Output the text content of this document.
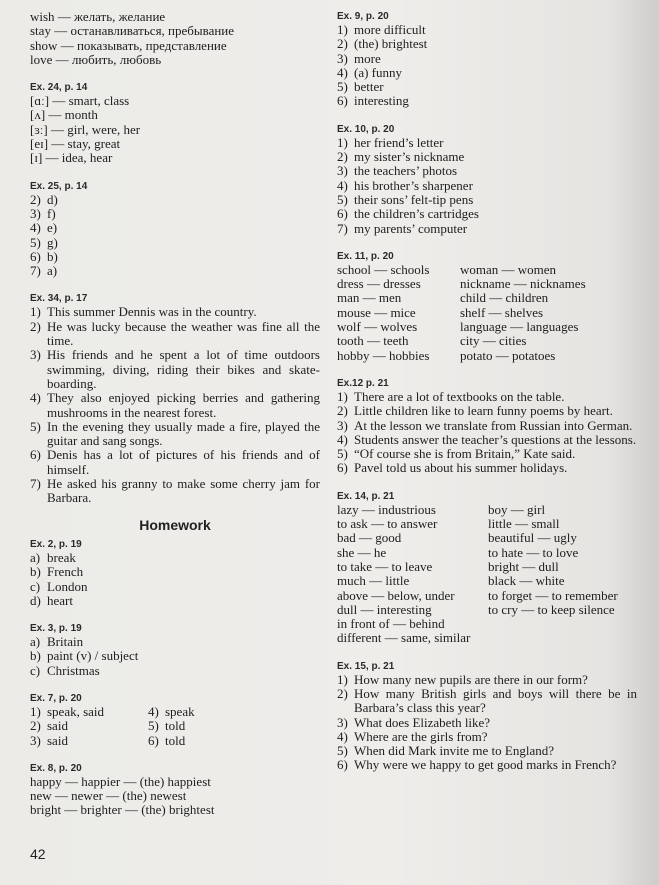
wish — желать, желание
stay — останавливаться, пребывание
show — показывать, представление
love — любить, любовь
Ex. 24, p. 14
[ɑː] — smart, class
[ʌ] — month
[ɜː] — girl, were, her
[eɪ] — stay, great
[ɪ] — idea, hear
Ex. 25, p. 14
2) d)
3) f)
4) e)
5) g)
6) b)
7) a)
Ex. 34, p. 17
1) This summer Dennis was in the country.
2) He was lucky because the weather was fine all the time.
3) His friends and he spent a lot of time outdoors swimming, diving, riding their bikes and skate-boarding.
4) They also enjoyed picking berries and gathering mushrooms in the nearest forest.
5) In the evening they usually made a fire, played the guitar and sang songs.
6) Denis has a lot of pictures of his friends and of himself.
7) He asked his granny to make some cherry jam for Barbara.
Homework
Ex. 2, p. 19
a) break
b) French
c) London
d) heart
Ex. 3, p. 19
a) Britain
b) paint (v) / subject
c) Christmas
Ex. 7, p. 20
1) speak, said
2) said
3) said
4) speak
5) told
6) told
Ex. 8, p. 20
happy — happier — (the) happiest
new — newer — (the) newest
bright — brighter — (the) brightest
Ex. 9, p. 20
1) more difficult
2) (the) brightest
3) more
4) (a) funny
5) better
6) interesting
Ex. 10, p. 20
1) her friend’s letter
2) my sister’s nickname
3) the teachers’ photos
4) his brother’s sharpener
5) their sons’ felt-tip pens
6) the children’s cartridges
7) my parents’ computer
Ex. 11, p. 20
school — schools
dress — dresses
man — men
mouse — mice
wolf — wolves
tooth — teeth
hobby — hobbies
woman — women
nickname — nicknames
child — children
shelf — shelves
language — languages
city — cities
potato — potatoes
Ex.12 p. 21
1) There are a lot of textbooks on the table.
2) Little children like to learn funny poems by heart.
3) At the lesson we translate from Russian into German.
4) Students answer the teacher’s questions at the lessons.
5) “Of course she is from Britain,” Kate said.
6) Pavel told us about his summer holidays.
Ex. 14, p. 21
lazy — industrious
to ask — to answer
bad — good
she — he
to take — to leave
much — little
above — below, under
dull — interesting
in front of — behind
different — same, similar
boy — girl
little — small
beautiful — ugly
to hate — to love
bright — dull
black — white
to forget — to remember
to cry — to keep silence
Ex. 15, p. 21
1) How many new pupils are there in our form?
2) How many British girls and boys will there be in Barbara’s class this year?
3) What does Elizabeth like?
4) Where are the girls from?
5) When did Mark invite me to England?
6) Why were we happy to get good marks in French?
42
